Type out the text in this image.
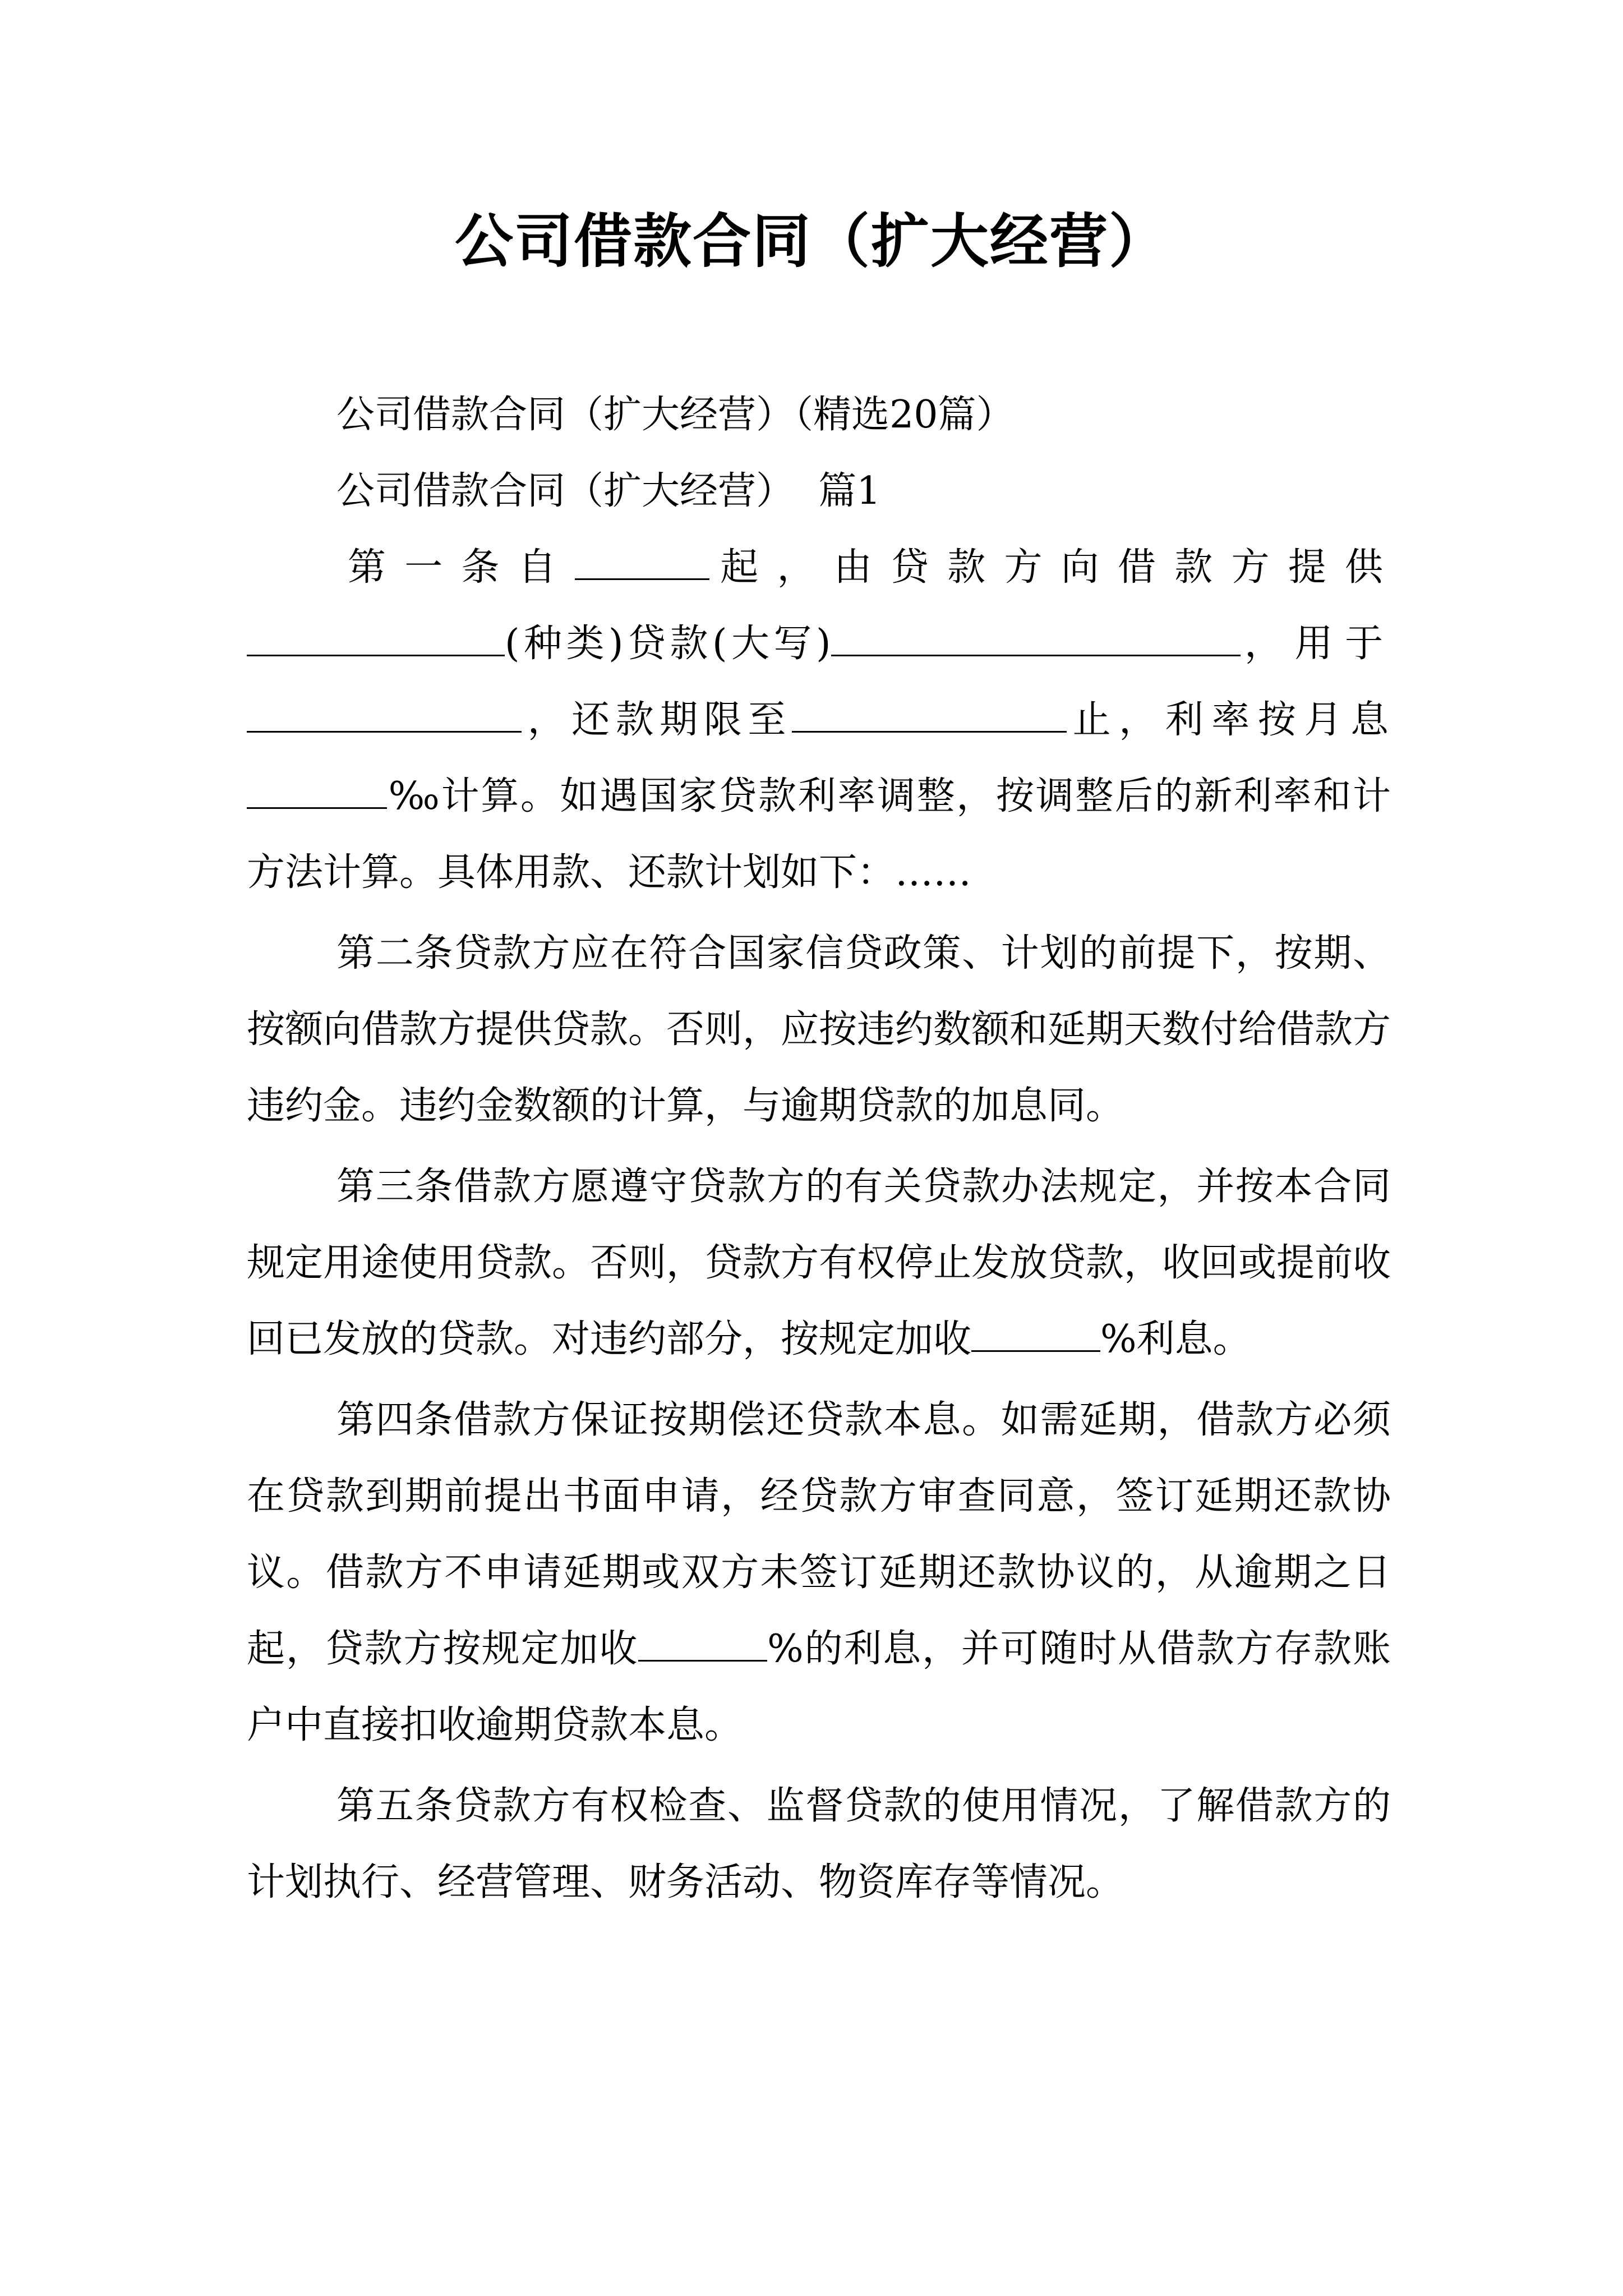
公司借款合同（扩大经营）

公司借款合同（扩大经营）（精选20篇）

公司借款合同（扩大经营）  篇1

第一条自	起，由贷款方向借款方提供(种类)贷款(大写)	，用于，还款期限至	止，利率按月息‰计算。如遇国家贷款利率调整，按调整后的新利率和计方法计算。具体用款、还款计划如下：……

第二条贷款方应在符合国家信贷政策、计划的前提下，按期、按额向借款方提供贷款。否则，应按违约数额和延期天数付给借款方违约金。违约金数额的计算，与逾期贷款的加息同。

第三条借款方愿遵守贷款方的有关贷款办法规定，并按本合同规定用途使用贷款。否则，贷款方有权停止发放贷款，收回或提前收回已发放的贷款。对违约部分，按规定加收	%利息。

第四条借款方保证按期偿还贷款本息。如需延期，借款方必须在贷款到期前提出书面申请，经贷款方审查同意，签订延期还款协议。借款方不申请延期或双方未签订延期还款协议的，从逾期之日起，贷款方按规定加收	%的利息，并可随时从借款方存款账户中直接扣收逾期贷款本息。

第五条贷款方有权检查、监督贷款的使用情况，了解借款方的计划执行、经营管理、财务活动、物资库存等情况。
